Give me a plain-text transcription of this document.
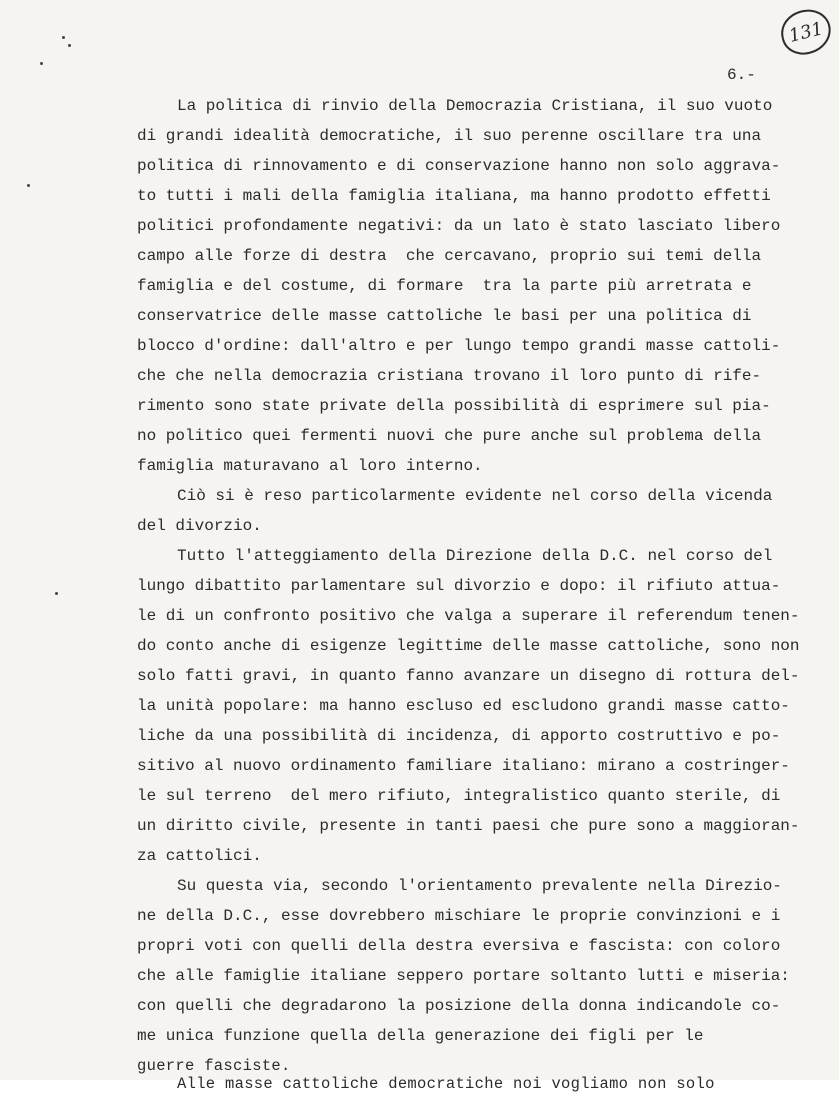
131
6.-
La politica di rinvio della Democrazia Cristiana, il suo vuoto
di grandi idealità democratiche, il suo perenne oscillare tra una
politica di rinnovamento e di conservazione hanno non solo aggrava-
to tutti i mali della famiglia italiana, ma hanno prodotto effetti
politici profondamente negativi: da un lato è stato lasciato libero
campo alle forze di destra  che cercavano, proprio sui temi della
famiglia e del costume, di formare  tra la parte più arretrata e
conservatrice delle masse cattoliche le basi per una politica di
blocco d'ordine: dall'altro e per lungo tempo grandi masse cattoli-
che che nella democrazia cristiana trovano il loro punto di rife-
rimento sono state private della possibilità di esprimere sul pia-
no politico quei fermenti nuovi che pure anche sul problema della
famiglia maturavano al loro interno.
Ciò si è reso particolarmente evidente nel corso della vicenda
del divorzio.
Tutto l'atteggiamento della Direzione della D.C. nel corso del
lungo dibattito parlamentare sul divorzio e dopo: il rifiuto attua-
le di un confronto positivo che valga a superare il referendum tenen-
do conto anche di esigenze legittime delle masse cattoliche, sono non
solo fatti gravi, in quanto fanno avanzare un disegno di rottura del-
la unità popolare: ma hanno escluso ed escludono grandi masse catto-
liche da una possibilità di incidenza, di apporto costruttivo e po-
sitivo al nuovo ordinamento familiare italiano: mirano a costringer-
le sul terreno  del mero rifiuto, integralistico quanto sterile, di
un diritto civile, presente in tanti paesi che pure sono a maggioran-
za cattolici.
Su questa via, secondo l'orientamento prevalente nella Direzio-
ne della D.C., esse dovrebbero mischiare le proprie convinzioni e i
propri voti con quelli della destra eversiva e fascista: con coloro
che alle famiglie italiane seppero portare soltanto lutti e miseria:
con quelli che degradarono la posizione della donna indicandole co-
me unica funzione quella della generazione dei figli per le
guerre fasciste.
Alle masse cattoliche democratiche noi vogliamo non solo
